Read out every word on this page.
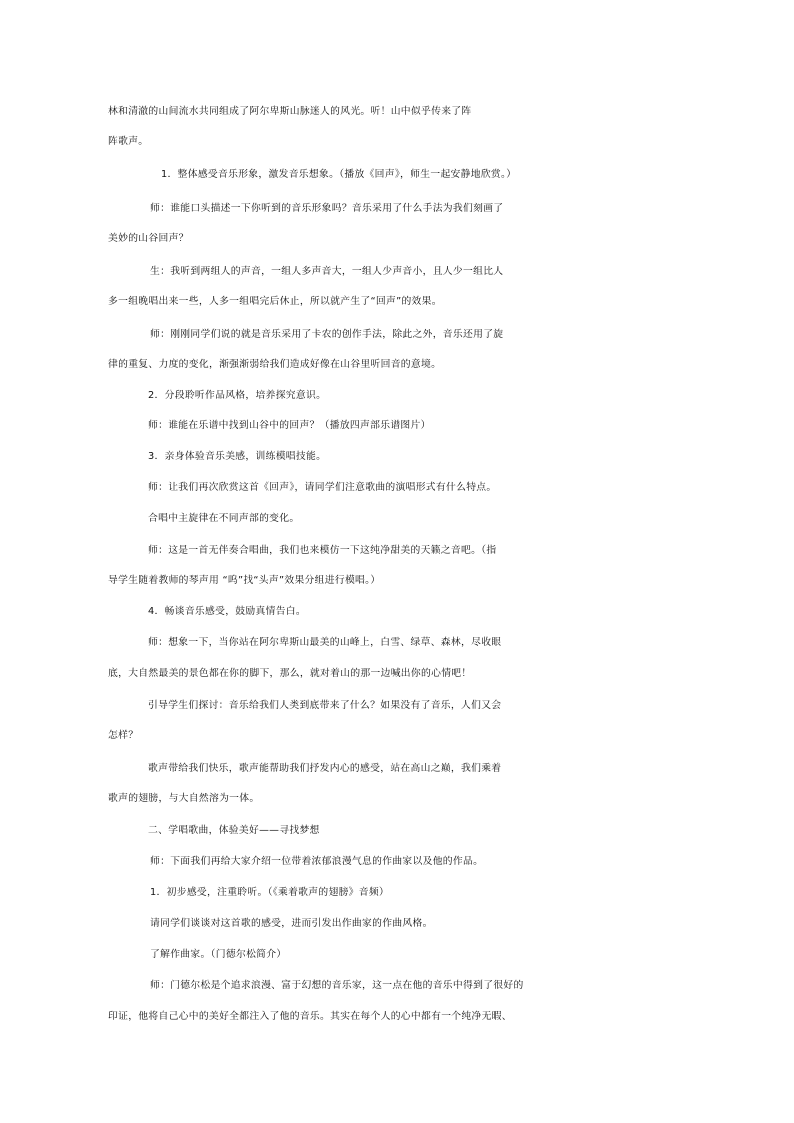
林和清澈的山间流水共同组成了阿尔卑斯山脉迷人的风光。听！山中似乎传来了阵
阵歌声。
1．整体感受音乐形象，激发音乐想象。（播放《回声》，师生一起安静地欣赏。）
师：谁能口头描述一下你听到的音乐形象吗？音乐采用了什么手法为我们刻画了
美妙的山谷回声？
生：我听到两组人的声音，一组人多声音大，一组人少声音小，且人少一组比人
多一组晚唱出来一些，人多一组唱完后休止，所以就产生了“回声”的效果。
师：刚刚同学们说的就是音乐采用了卡农的创作手法，除此之外，音乐还用了旋
律的重复、力度的变化，渐强渐弱给我们造成好像在山谷里听回音的意境。
2．分段聆听作品风格，培养探究意识。
师：谁能在乐谱中找到山谷中的回声？（播放四声部乐谱图片）
3．亲身体验音乐美感，训练模唱技能。
师：让我们再次欣赏这首《回声》，请同学们注意歌曲的演唱形式有什么特点。
合唱中主旋律在不同声部的变化。
师：这是一首无伴奏合唱曲，我们也来模仿一下这纯净甜美的天籁之音吧。（指
导学生随着教师的琴声用 “呜”找“头声”效果分组进行模唱。）
4．畅谈音乐感受，鼓励真情告白。
师：想象一下，当你站在阿尔卑斯山最美的山峰上，白雪、绿草、森林，尽收眼
底，大自然最美的景色都在你的脚下，那么，就对着山的那一边喊出你的心情吧！
引导学生们探讨：音乐给我们人类到底带来了什么？如果没有了音乐，人们又会
怎样？
歌声带给我们快乐，歌声能帮助我们抒发内心的感受，站在高山之巅，我们乘着
歌声的翅膀，与大自然溶为一体。
二、学唱歌曲，体验美好——寻找梦想
师：下面我们再给大家介绍一位带着浓郁浪漫气息的作曲家以及他的作品。
1．初步感受，注重聆听。（《乘着歌声的翅膀》音频）
请同学们谈谈对这首歌的感受，进而引发出作曲家的作曲风格。
了解作曲家。（门德尔松简介）
师：门德尔松是个追求浪漫、富于幻想的音乐家，这一点在他的音乐中得到了很好的
印证，他将自己心中的美好全都注入了他的音乐。其实在每个人的心中都有一个纯净无暇、
